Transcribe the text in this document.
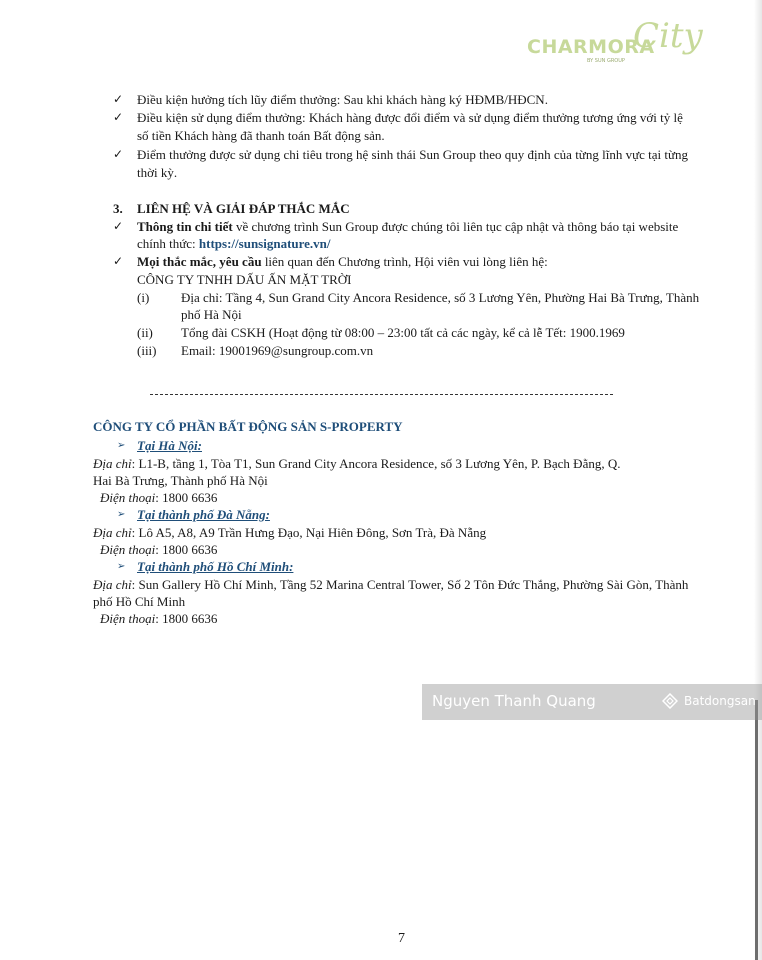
CHARMORA
City
BY SUN GROUP
✓ Điều kiện hưởng tích lũy điểm thưởng: Sau khi khách hàng ký HĐMB/HĐCN.
✓ Điều kiện sử dụng điểm thưởng: Khách hàng được đổi điểm và sử dụng điểm thưởng tương ứng với tỷ lệ
số tiền Khách hàng đã thanh toán Bất động sản.
✓ Điểm thưởng được sử dụng chi tiêu trong hệ sinh thái Sun Group theo quy định của từng lĩnh vực tại từng
thời kỳ.
3. LIÊN HỆ VÀ GIẢI ĐÁP THẮC MẮC
✓ Thông tin chi tiết về chương trình Sun Group được chúng tôi liên tục cập nhật và thông báo tại website
chính thức: https://sunsignature.vn/
✓ Mọi thắc mắc, yêu cầu liên quan đến Chương trình, Hội viên vui lòng liên hệ:
CÔNG TY TNHH DẤU ẤN MẶT TRỜI
(i) Địa chỉ: Tầng 4, Sun Grand City Ancora Residence, số 3 Lương Yên, Phường Hai Bà Trưng, Thành
phố Hà Nội
(ii) Tổng đài CSKH (Hoạt động từ 08:00 – 23:00 tất cả các ngày, kể cả lễ Tết: 1900.1969
(iii) Email: 19001969@sungroup.com.vn
CÔNG TY CỔ PHẦN BẤT ĐỘNG SẢN S-PROPERTY
➢ Tại Hà Nội:
Địa chỉ: L1-B, tầng 1, Tòa T1, Sun Grand City Ancora Residence, số 3 Lương Yên, P. Bạch Đằng, Q.
Hai Bà Trưng, Thành phố Hà Nội
Điện thoại: 1800 6636
➢ Tại thành phố Đà Nẵng:
Địa chỉ: Lô A5, A8, A9 Trần Hưng Đạo, Nại Hiên Đông, Sơn Trà, Đà Nẵng
Điện thoại: 1800 6636
➢ Tại thành phố Hồ Chí Minh:
Địa chỉ: Sun Gallery Hồ Chí Minh, Tầng 52 Marina Central Tower, Số 2 Tôn Đức Thắng, Phường Sài Gòn, Thành
phố Hồ Chí Minh
Điện thoại: 1800 6636
Nguyen Thanh Quang	Batdongsan
7
